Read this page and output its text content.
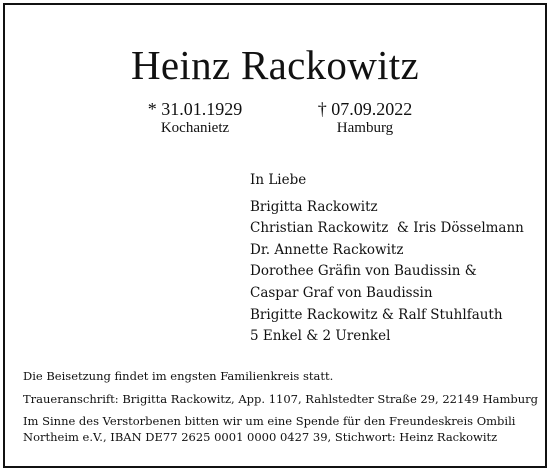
Heinz Rackowitz
* 31.01.1929
Kochanietz
† 07.09.2022
Hamburg
In Liebe
Brigitta Rackowitz
Christian Rackowitz  & Iris Dösselmann
Dr. Annette Rackowitz
Dorothee Gräfin von Baudissin &
Caspar Graf von Baudissin
Brigitte Rackowitz & Ralf Stuhlfauth
5 Enkel & 2 Urenkel
Die Beisetzung findet im engsten Familienkreis statt.
Traueranschrift: Brigitta Rackowitz, App. 1107, Rahlstedter Straße 29, 22149 Hamburg
Im Sinne des Verstorbenen bitten wir um eine Spende für den Freundeskreis Ombili
Northeim e.V., IBAN DE77 2625 0001 0000 0427 39, Stichwort: Heinz Rackowitz
